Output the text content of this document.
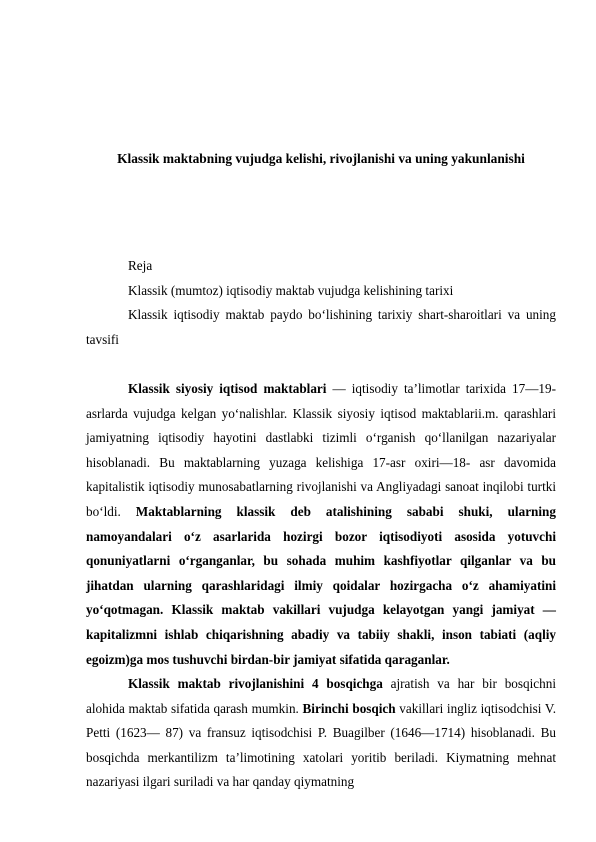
Klassik maktabning vujudga kelishi, rivojlanishi va uning yakunlanishi

Reja

Klassik (mumtoz) iqtisodiy maktab vujudga kelishining tarixi

Klassik iqtisodiy maktab paydo bo‘lishining tarixiy shart-sharoitlari va uning tavsifi

Klassik siyosiy iqtisod maktablari — iqtisodiy ta’limotlar tarixida 17—19- asrlarda vujudga kelgan yo‘nalishlar. Klassik siyosiy iqtisod maktablarii.m. qarashlari jamiyatning iqtisodiy hayotini dastlabki tizimli o‘rganish qo‘llanilgan nazariyalar hisoblanadi. Bu maktablarning yuzaga kelishiga 17-asr oxiri—18- asr davomida kapitalistik iqtisodiy munosabatlarning rivojlanishi va Angliyadagi sanoat inqilobi turtki bo‘ldi. Maktablarning klassik deb atalishining sababi shuki, ularning namoyandalari o‘z asarlarida hozirgi bozor iqtisodiyoti asosida yotuvchi qonuniyatlarni o‘rganganlar, bu sohada muhim kashfiyotlar qilganlar va bu jihatdan ularning qarashlaridagi ilmiy qoidalar hozirgacha o‘z ahamiyatini yo‘qotmagan. Klassik maktab vakillari vujudga kelayotgan yangi jamiyat — kapitalizmni ishlab chiqarishning abadiy va tabiiy shakli, inson tabiati (aqliy egoizm)ga mos tushuvchi birdan-bir jamiyat sifatida qaraganlar.

Klassik maktab rivojlanishini 4 bosqichga ajratish va har bir bosqichni alohida maktab sifatida qarash mumkin. Birinchi bosqich vakillari ingliz iqtisodchisi V. Petti (1623— 87) va fransuz iqtisodchisi P. Buagilber (1646—1714) hisoblanadi. Bu bosqichda merkantilizm ta’limotining xatolari yoritib beriladi. Kiymatning mehnat nazariyasi ilgari suriladi va har qanday qiymatning
